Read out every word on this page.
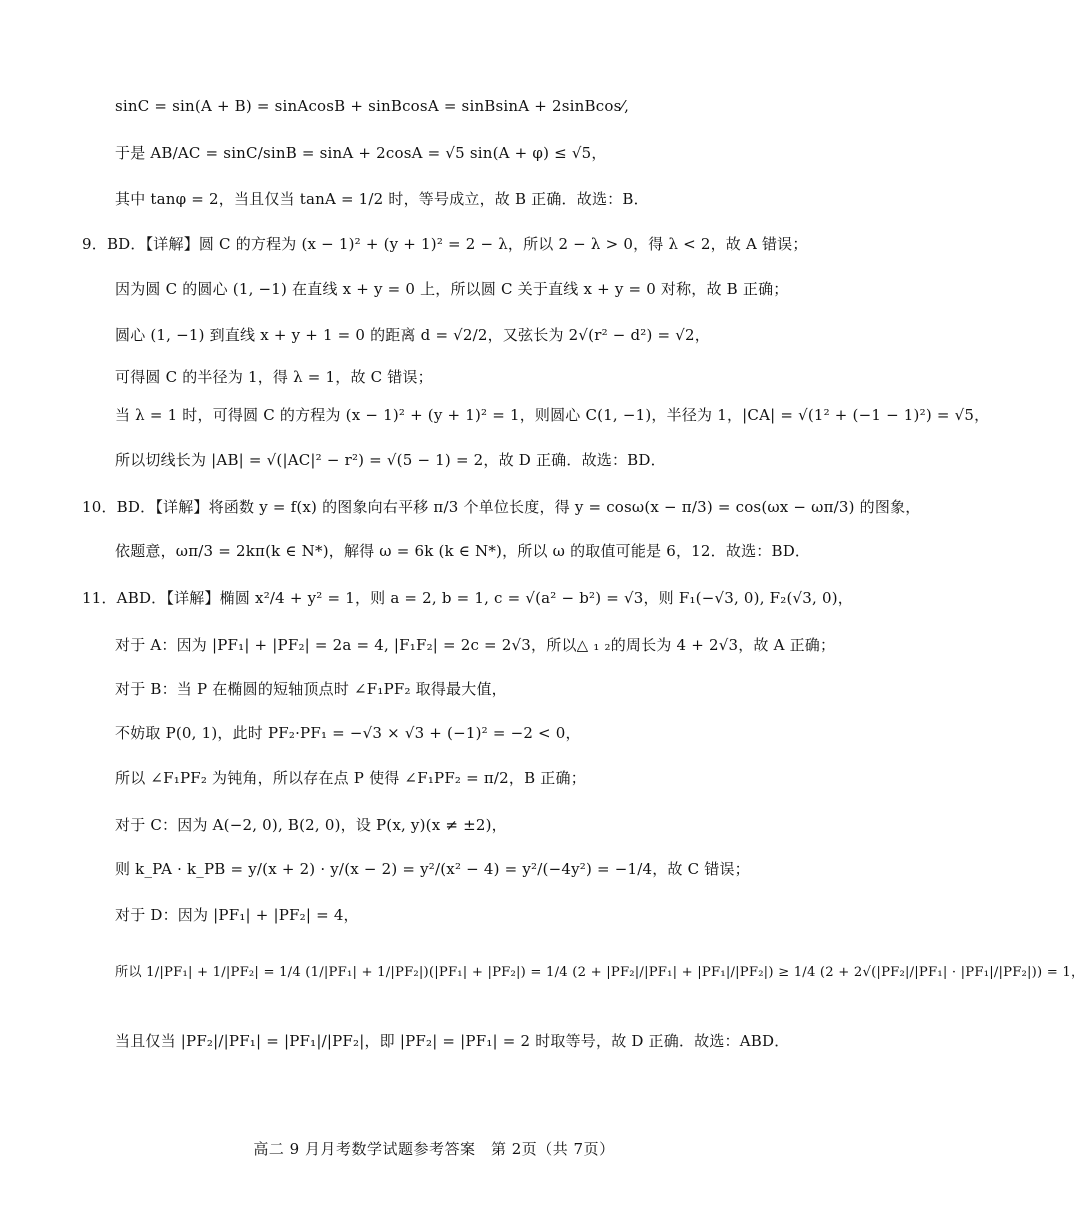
sinC = sin(A + B) = sinAcosB + sinBcosA = sinBsinA + 2sinBcos⁄,
于是 AB/AC = sinC/sinB = sinA + 2cosA = √5 sin(A + φ) ≤ √5，
其中 tanφ = 2，当且仅当 tanA = 1/2 时，等号成立，故 B 正确．故选：B．
9．BD．【详解】圆 C 的方程为 (x − 1)² + (y + 1)² = 2 − λ，所以 2 − λ > 0，得 λ < 2，故 A 错误；
因为圆 C 的圆心 (1, −1) 在直线 x + y = 0 上，所以圆 C 关于直线 x + y = 0 对称，故 B 正确；
圆心 (1, −1) 到直线 x + y + 1 = 0 的距离 d = √2/2，又弦长为 2√(r² − d²) = √2，
可得圆 C 的半径为 1，得 λ = 1，故 C 错误；
当 λ = 1 时，可得圆 C 的方程为 (x − 1)² + (y + 1)² = 1，则圆心 C(1, −1)，半径为 1，|CA| = √(1² + (−1 − 1)²) = √5，
所以切线长为 |AB| = √(|AC|² − r²) = √(5 − 1) = 2，故 D 正确．故选：BD．
10．BD．【详解】将函数 y = f(x) 的图象向右平移 π/3 个单位长度，得 y = cosω(x − π/3) = cos(ωx − ωπ/3) 的图象，
依题意，ωπ/3 = 2kπ(k ∈ N*)，解得 ω = 6k (k ∈ N*)，所以 ω 的取值可能是 6，12．故选：BD．
11．ABD．【详解】椭圆 x²/4 + y² = 1，则 a = 2, b = 1, c = √(a² − b²) = √3，则 F₁(−√3, 0), F₂(√3, 0)，
对于 A：因为 |PF₁| + |PF₂| = 2a = 4, |F₁F₂| = 2c = 2√3，所以△ ₁ ₂的周长为 4 + 2√3，故 A 正确；
对于 B：当 P 在椭圆的短轴顶点时 ∠F₁PF₂ 取得最大值，
不妨取 P(0, 1)，此时 PF₂·PF₁ = −√3 × √3 + (−1)² = −2 < 0，
所以 ∠F₁PF₂ 为钝角，所以存在点 P 使得 ∠F₁PF₂ = π/2，B 正确；
对于 C：因为 A(−2, 0), B(2, 0)，设 P(x, y)(x ≠ ±2)，
则 k_PA · k_PB = y/(x + 2) · y/(x − 2) = y²/(x² − 4) = y²/(−4y²) = −1/4，故 C 错误；
对于 D：因为 |PF₁| + |PF₂| = 4，
所以 1/|PF₁| + 1/|PF₂| = 1/4 (1/|PF₁| + 1/|PF₂|)(|PF₁| + |PF₂|) = 1/4 (2 + |PF₂|/|PF₁| + |PF₁|/|PF₂|) ≥ 1/4 (2 + 2√(|PF₂|/|PF₁| · |PF₁|/|PF₂|)) = 1，
当且仅当 |PF₂|/|PF₁| = |PF₁|/|PF₂|，即 |PF₂| = |PF₁| = 2 时取等号，故 D 正确．故选：ABD．
高二 9 月月考数学试题参考答案　第 2页（共 7页）
